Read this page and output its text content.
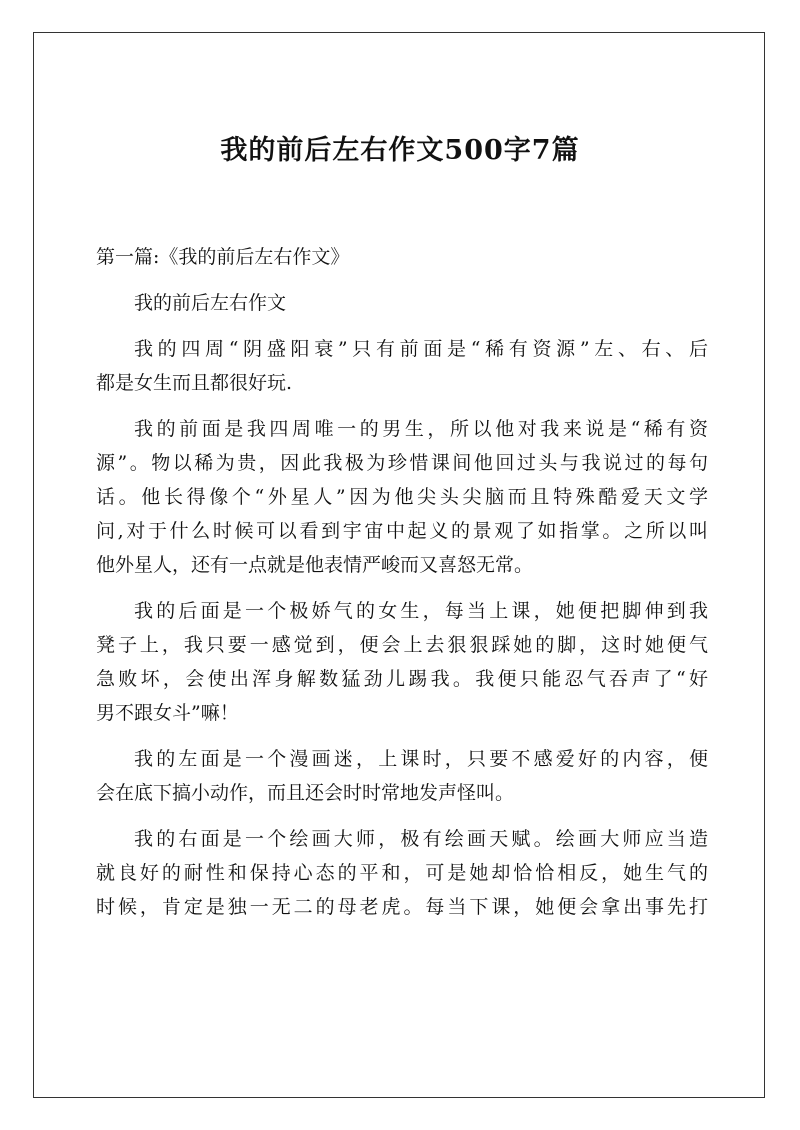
我的前后左右作文500字7篇
第一篇:《我的前后左右作文》
我的前后左右作文
我的四周“阴盛阳衰”只有前面是“稀有资源”左、右、后
都是女生而且都很好玩.
我的前面是我四周唯一的男生，所以他对我来说是“稀有资
源”。物以稀为贵，因此我极为珍惜课间他回过头与我说过的每句
话。他长得像个“外星人”因为他尖头尖脑而且特殊酷爱天文学
问,对于什么时候可以看到宇宙中起义的景观了如指掌。之所以叫
他外星人，还有一点就是他表情严峻而又喜怒无常。
我的后面是一个极娇气的女生，每当上课，她便把脚伸到我
凳子上，我只要一感觉到，便会上去狠狠踩她的脚，这时她便气
急败坏，会使出浑身解数猛劲儿踢我。我便只能忍气吞声了“好
男不跟女斗”嘛！
我的左面是一个漫画迷，上课时，只要不感爱好的内容，便
会在底下搞小动作，而且还会时时常地发声怪叫。
我的右面是一个绘画大师，极有绘画天赋。绘画大师应当造
就良好的耐性和保持心态的平和，可是她却恰恰相反，她生气的
时候，肯定是独一无二的母老虎。每当下课，她便会拿出事先打
